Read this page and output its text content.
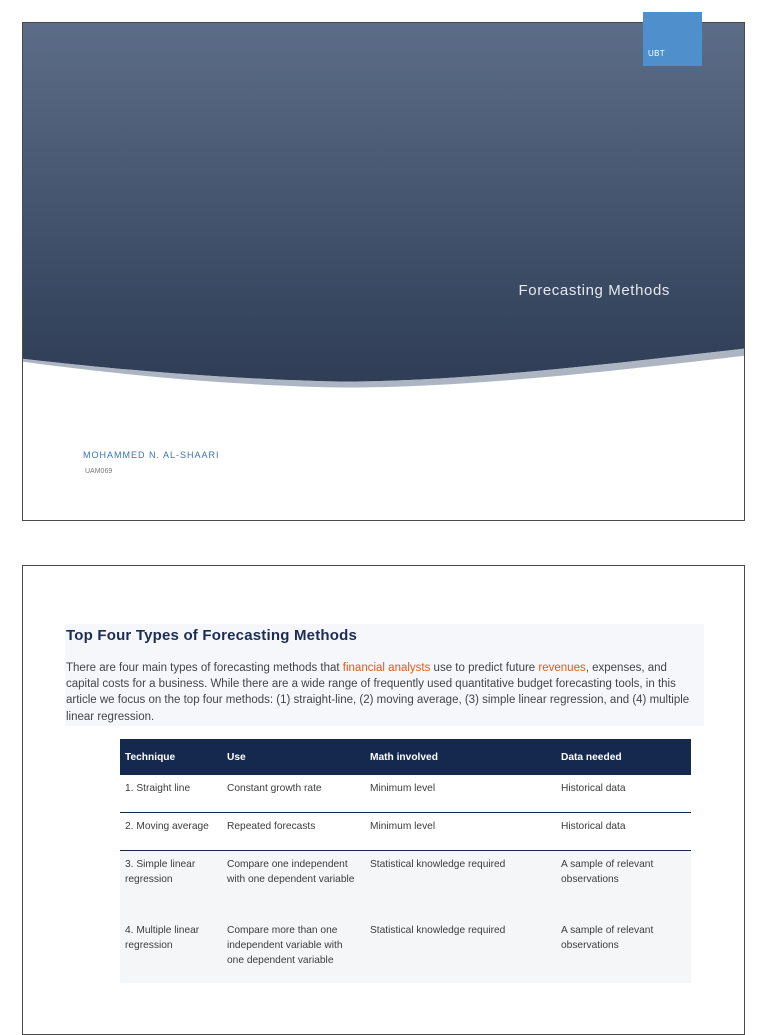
Forecasting Methods
MOHAMMED N. AL-SHAARI
UAM069
UBT
Top Four Types of Forecasting Methods

There are four main types of forecasting methods that financial analysts use to predict future revenues, expenses, and capital costs for a business. While there are a wide range of frequently used quantitative budget forecasting tools, in this article we focus on the top four methods: (1) straight-line, (2) moving average, (3) simple linear regression, and (4) multiple linear regression.

Technique	Use	Math involved	Data needed
1. Straight line	Constant growth rate	Minimum level	Historical data
2. Moving average	Repeated forecasts	Minimum level	Historical data
3. Simple linear regression	Compare one independent with one dependent variable	Statistical knowledge required	A sample of relevant observations
4. Multiple linear regression	Compare more than one independent variable with one dependent variable	Statistical knowledge required	A sample of relevant observations
